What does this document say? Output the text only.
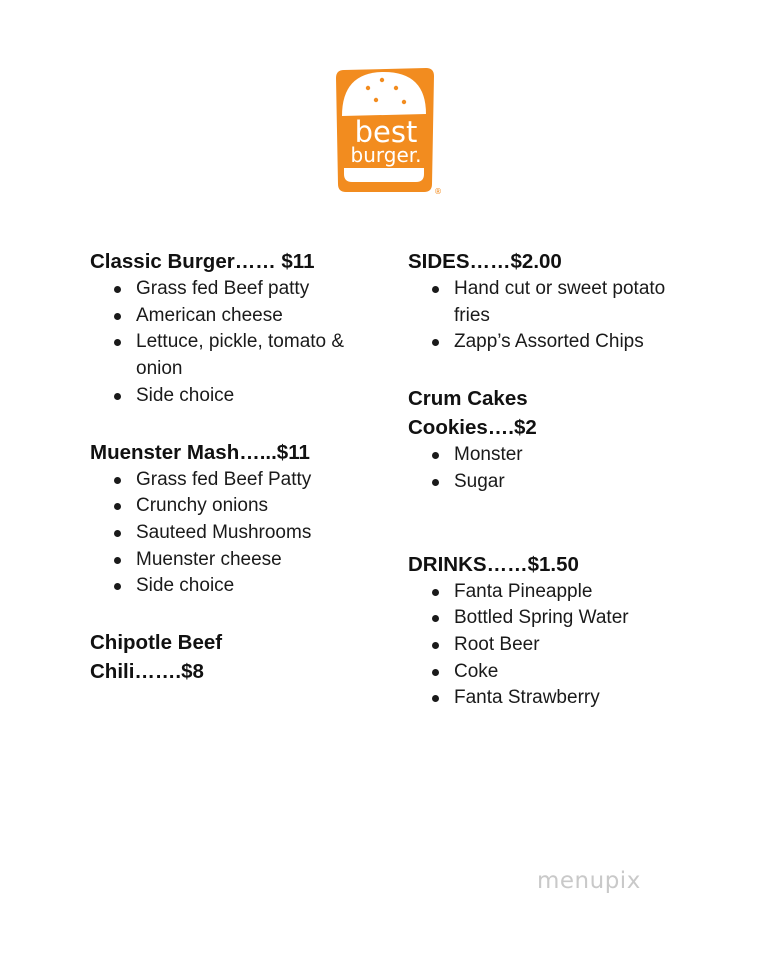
best
burger.
®

Classic Burger…… $11

Grass fed Beef patty
American cheese
Lettuce, pickle, tomato & onion
Side choice

Muenster Mash…...$11

Grass fed Beef Patty
Crunchy onions
Sauteed Mushrooms
Muenster cheese
Side choice

Chipotle Beef

Chili…….$8

SIDES……$2.00

Hand cut or sweet potato fries
Zapp’s Assorted Chips

Crum Cakes

Cookies….$2

Monster
Sugar

DRINKS……$1.50

Fanta Pineapple
Bottled Spring Water
Root Beer
Coke
Fanta Strawberry
menupix
